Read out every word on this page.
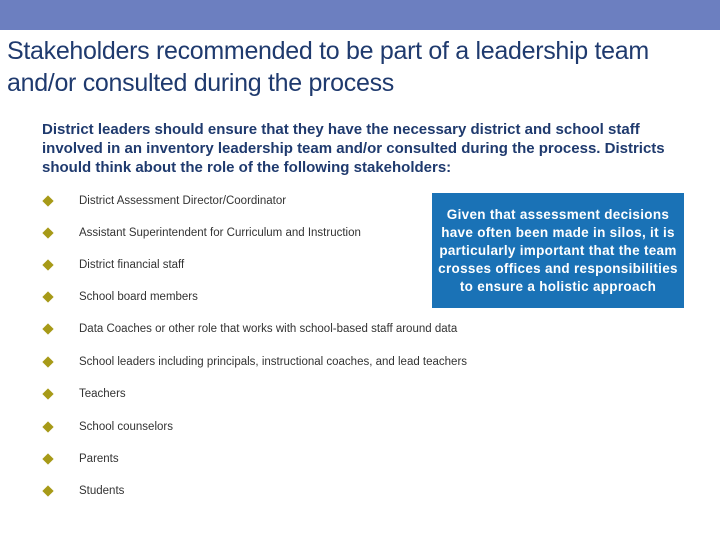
Stakeholders recommended to be part of a leadership team and/or consulted during the process

District leaders should ensure that they have the necessary district and school staff involved in an inventory leadership team and/or consulted during the process. Districts should think about the role of the following stakeholders:

District Assessment Director/Coordinator
Assistant Superintendent for Curriculum and Instruction
District financial staff
School board members
Data Coaches or other role that works with school-based staff around data
School leaders including principals, instructional coaches, and lead teachers
Teachers
School counselors
Parents
Students
Given that assessment decisions have often been made in silos, it is particularly important that the team crosses offices and responsibilities to ensure a holistic approach
